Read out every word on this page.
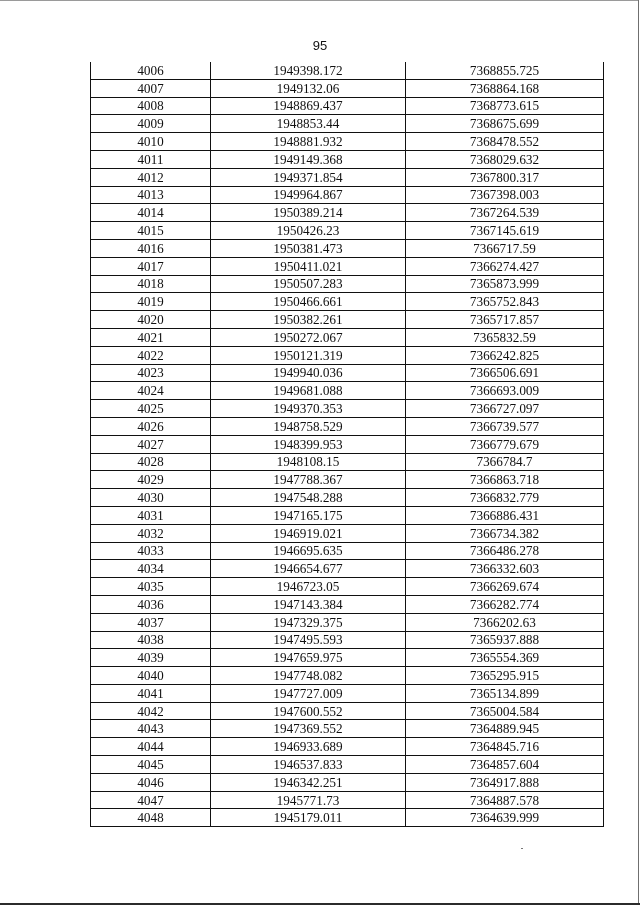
95
4006	1949398.172	7368855.725
4007	1949132.06	7368864.168
4008	1948869.437	7368773.615
4009	1948853.44	7368675.699
4010	1948881.932	7368478.552
4011	1949149.368	7368029.632
4012	1949371.854	7367800.317
4013	1949964.867	7367398.003
4014	1950389.214	7367264.539
4015	1950426.23	7367145.619
4016	1950381.473	7366717.59
4017	1950411.021	7366274.427
4018	1950507.283	7365873.999
4019	1950466.661	7365752.843
4020	1950382.261	7365717.857
4021	1950272.067	7365832.59
4022	1950121.319	7366242.825
4023	1949940.036	7366506.691
4024	1949681.088	7366693.009
4025	1949370.353	7366727.097
4026	1948758.529	7366739.577
4027	1948399.953	7366779.679
4028	1948108.15	7366784.7
4029	1947788.367	7366863.718
4030	1947548.288	7366832.779
4031	1947165.175	7366886.431
4032	1946919.021	7366734.382
4033	1946695.635	7366486.278
4034	1946654.677	7366332.603
4035	1946723.05	7366269.674
4036	1947143.384	7366282.774
4037	1947329.375	7366202.63
4038	1947495.593	7365937.888
4039	1947659.975	7365554.369
4040	1947748.082	7365295.915
4041	1947727.009	7365134.899
4042	1947600.552	7365004.584
4043	1947369.552	7364889.945
4044	1946933.689	7364845.716
4045	1946537.833	7364857.604
4046	1946342.251	7364917.888
4047	1945771.73	7364887.578
4048	1945179.011	7364639.999
